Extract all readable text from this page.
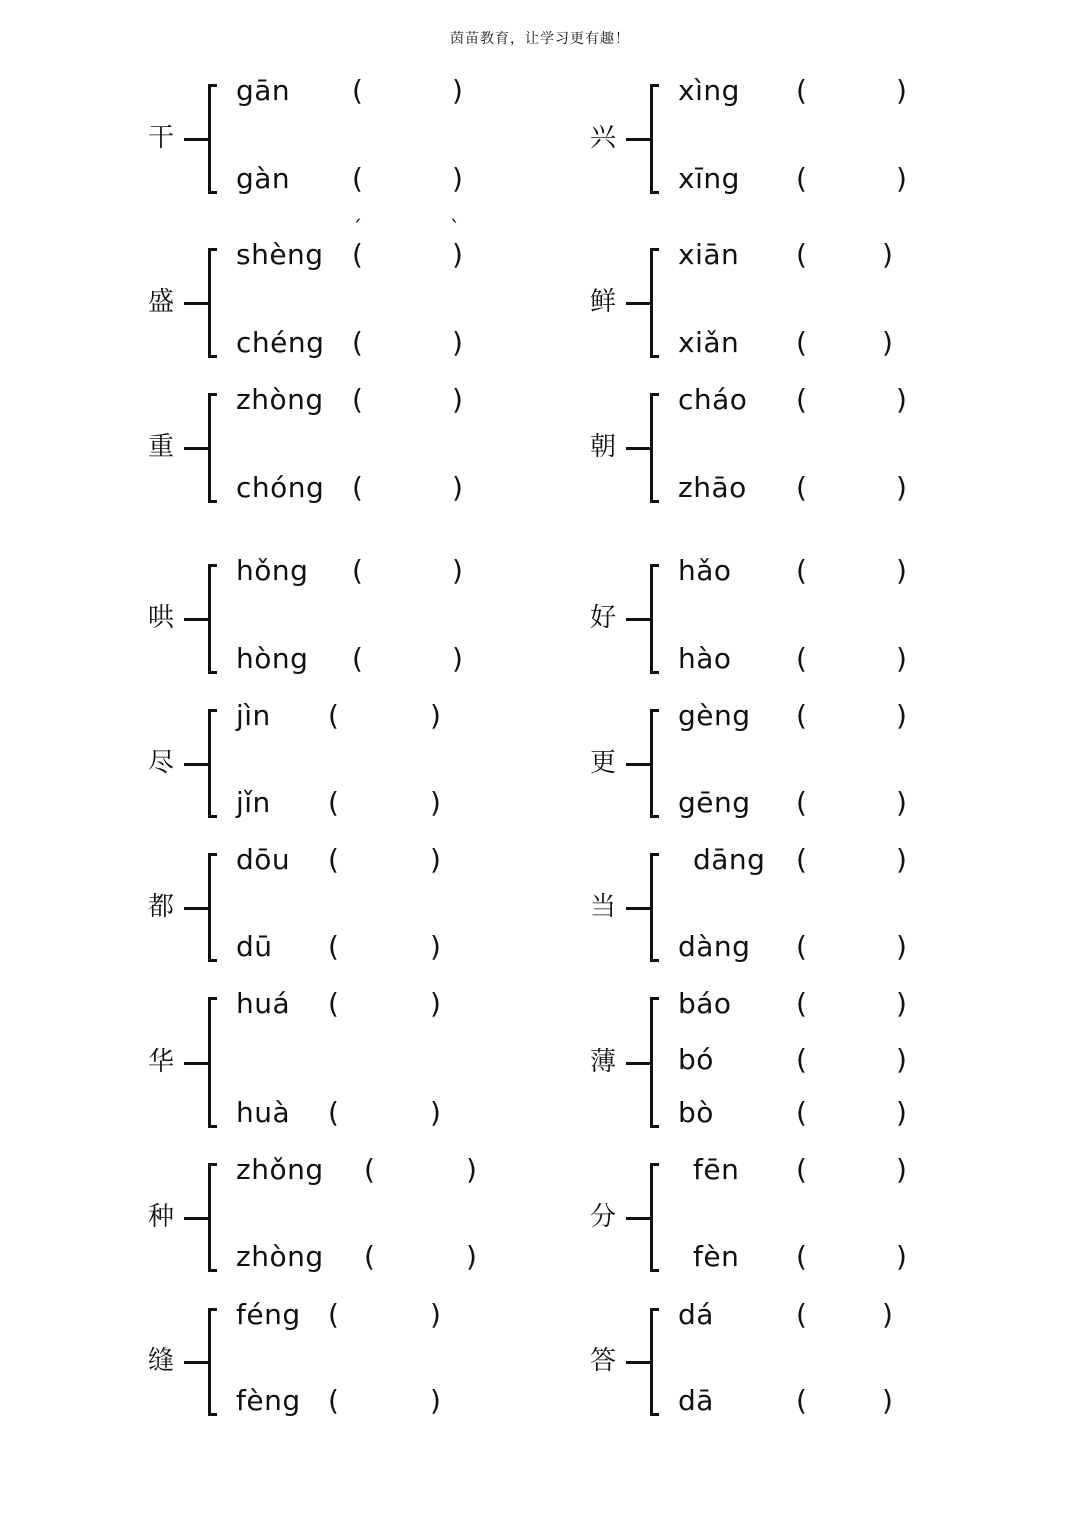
茵苗教育，让学习更有趣！
干
gān (	)
gàn (	)
兴
xìng (	)
xīng (	)
盛
shèng (	)
chéng (	)
鲜
xiān (	)
xiǎn (	)
重
zhòng (	)
chóng (	)
朝
cháo (	)
zhāo (	)
哄
hǒng (	)
hòng (	)
好
hǎo (	)
hào (	)
尽
jìn (	)
jǐn (	)
更
gèng (	)
gēng (	)
都
dōu (	)
dū (	)
当
dāng (	)
dàng (	)
华
huá (	)
huà (	)
薄
báo (	)
bó	(	)
bò	(	)
种
zhǒng (	)
zhòng (	)
分
fēn (	)
fèn (	)
缝
féng (	)
fèng (	)
答
dá	(	)
dā	(	)
ˊ	ˋ
